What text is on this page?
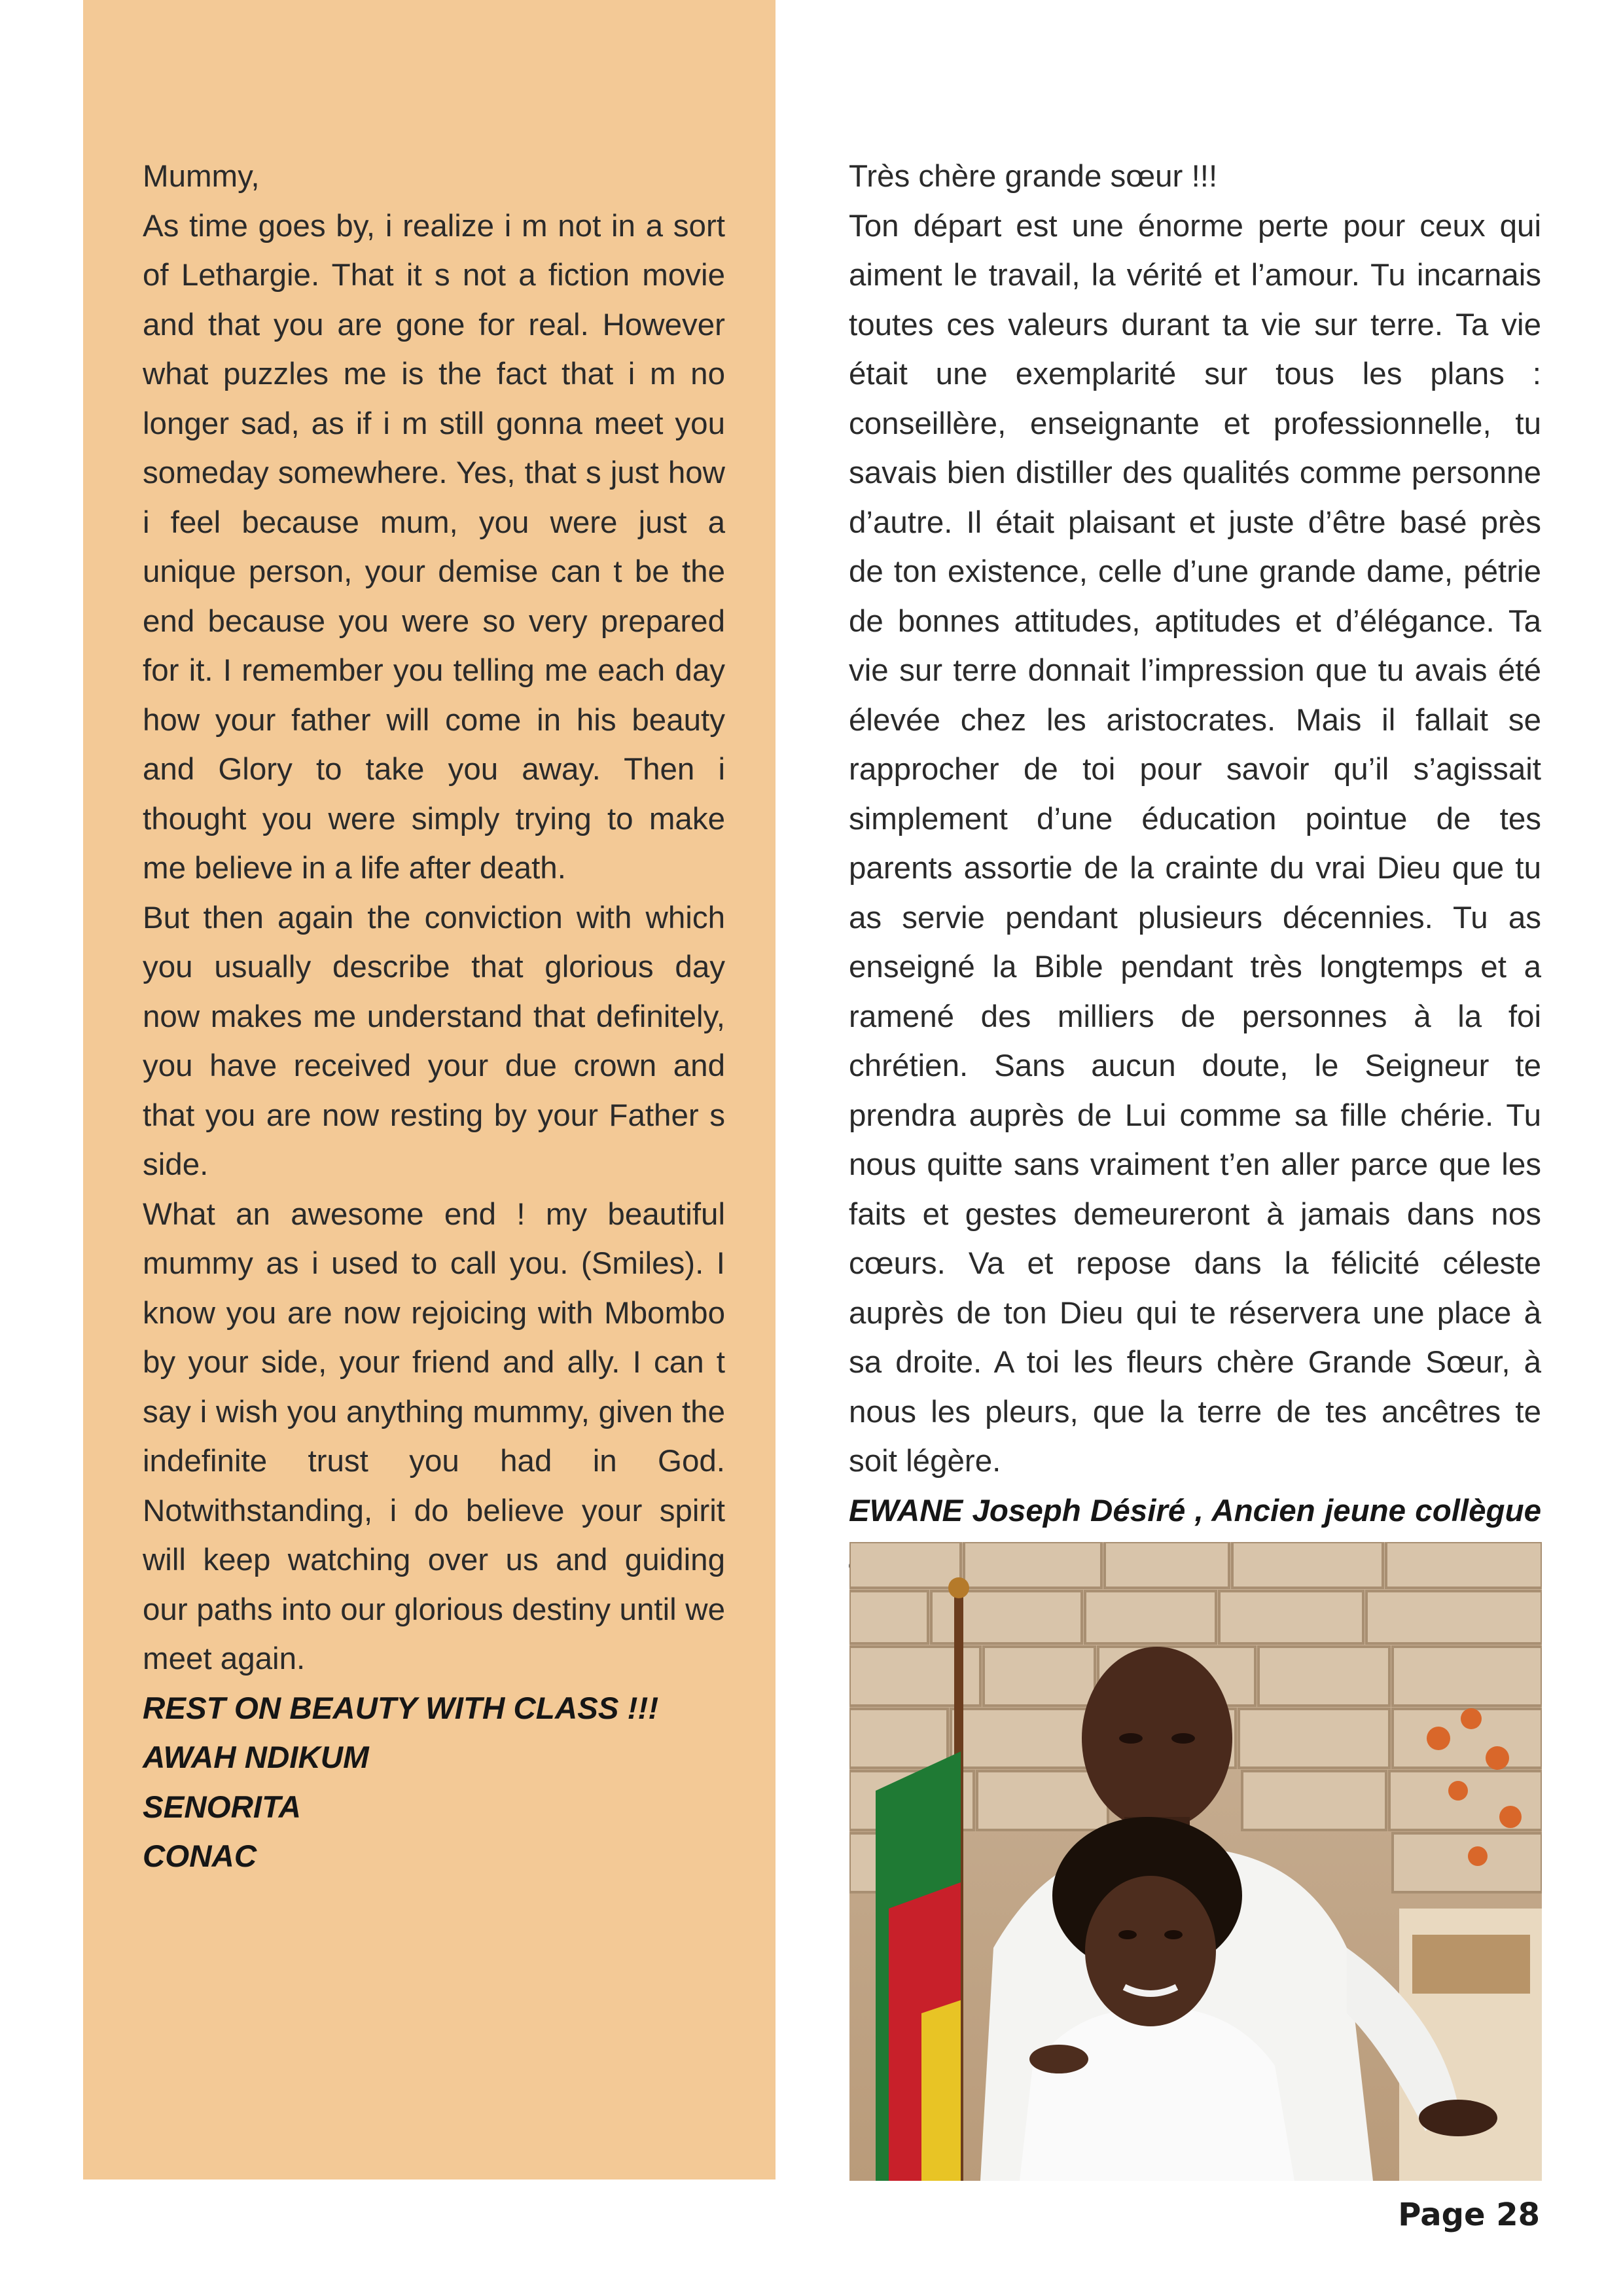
Mummy,

As time goes by, i realize i m not in a sort of Lethargie. That it s not a fiction movie and that you are gone for real. However what puzzles me is the fact that i m no longer sad, as if i m still gonna meet you someday somewhere. Yes, that s just how i feel because mum, you were just a unique person, your demise can t be the end because you were so very prepared for it. I remember you telling me each day how your father will come in his beauty and Glory to take you away. Then i thought you were simply trying to make me believe in a life after death.

But then again the conviction with which you usually describe that glorious day now makes me understand that definitely, you have received your due crown and that you are now resting by your Father s side.

What an awesome end ! my beautiful mummy as i used to call you. (Smiles). I know you are now rejoicing with Mbombo by your side, your friend and ally. I can t say i wish you anything mummy, given the indefinite trust you had in God. Notwithstanding, i do believe your spirit will keep watching over us and guiding our paths into our glorious destiny until we meet again.

REST ON BEAUTY WITH CLASS !!!
AWAH NDIKUM
SENORITA
CONAC

Très chère grande sœur !!!

Ton départ est une énorme perte pour ceux qui aiment le travail, la vérité et l’amour. Tu incarnais toutes ces valeurs durant ta vie sur terre. Ta vie était une exemplarité sur tous les plans : conseillère, enseignante et professionnelle, tu savais bien distiller des qualités comme personne d’autre. Il était plaisant et juste d’être basé près de ton existence, celle d’une grande dame, pétrie de bonnes attitudes, aptitudes et d’élégance. Ta vie sur terre donnait l’impression que tu avais été élevée chez les aristocrates. Mais il fallait se rapprocher de toi pour savoir qu’il s’agissait simplement d’une éducation pointue de tes parents assortie de la crainte du vrai Dieu que tu as servie pendant plusieurs décennies. Tu as enseigné la Bible pendant très longtemps et a ramené des milliers de personnes à la foi chrétien. Sans aucun doute, le Seigneur te prendra auprès de Lui comme sa fille chérie. Tu nous quitte sans vraiment t’en aller parce que les faits et gestes demeureront à jamais dans nos cœurs. Va et repose dans la félicité céleste auprès de ton Dieu qui te réservera une place à sa droite. A toi les fleurs chère Grande Sœur, à nous les pleurs, que la terre de tes ancêtres te soit légère.

EWANE Joseph Désiré , Ancien jeune collègue

Page 28
